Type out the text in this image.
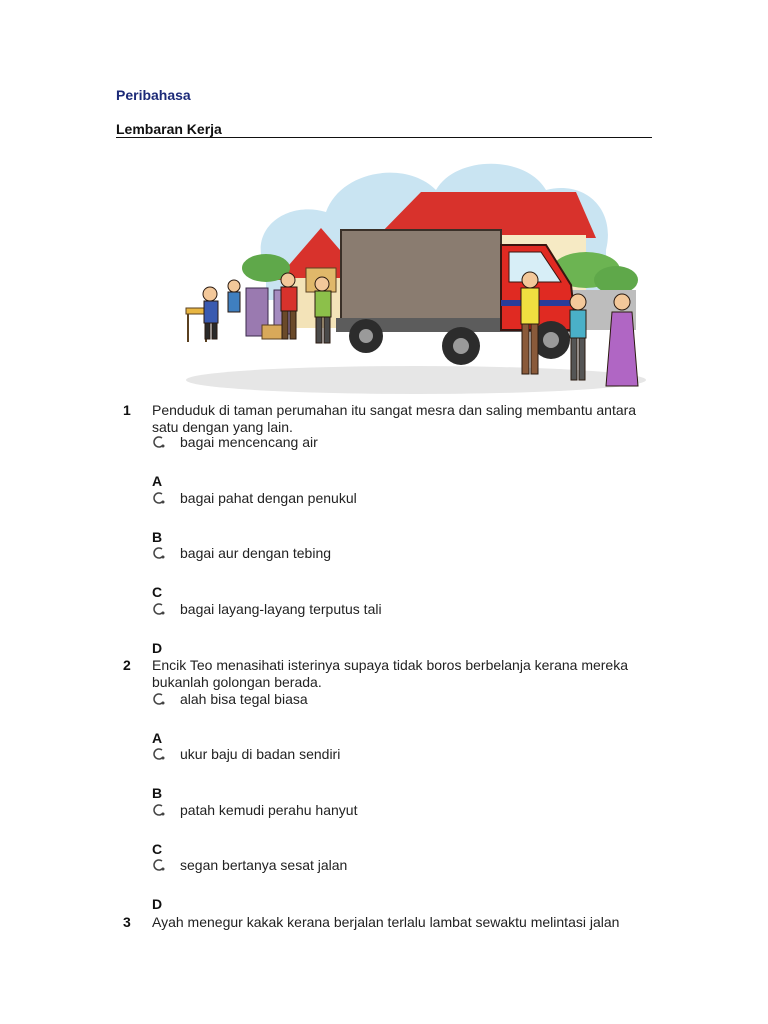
Peribahasa
Lembaran Kerja
1 Penduduk di taman perumahan itu sangat mesra dan saling membantu antara satu dengan yang lain.
bagai mencencang air
A
bagai pahat dengan penukul
B
bagai aur dengan tebing
C
bagai layang-layang terputus tali
D
2 Encik Teo menasihati isterinya supaya tidak boros berbelanja kerana mereka bukanlah golongan berada.
alah bisa tegal biasa
A
ukur baju di badan sendiri
B
patah kemudi perahu hanyut
C
segan bertanya sesat jalan
D
3 Ayah menegur kakak kerana berjalan terlalu lambat sewaktu melintasi jalan
